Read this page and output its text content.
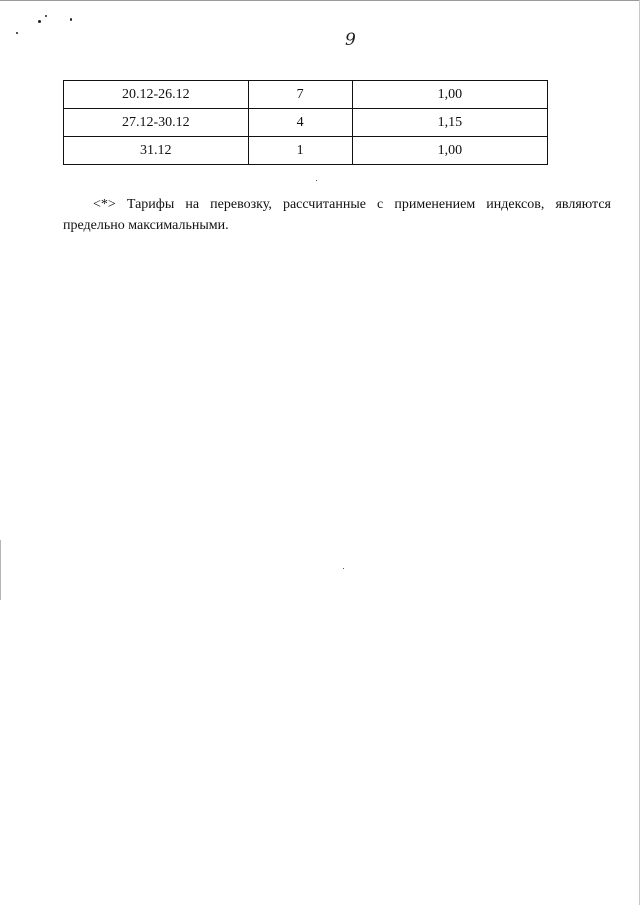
9
20.12-26.12	7	1,00
27.12-30.12	4	1,15
31.12	1	1,00
<*> Тарифы на перевозку, рассчитанные с применением индексов, являются
предельно максимальными.
